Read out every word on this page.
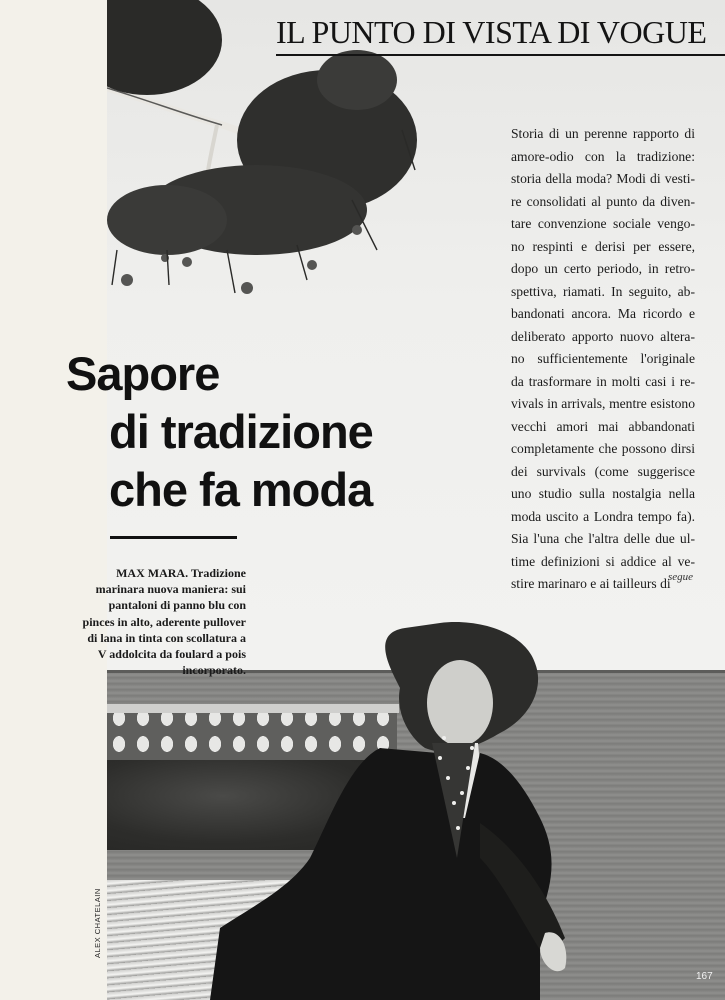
IL PUNTO DI VISTA DI VOGUE
Sapore
di tradizione
che fa moda
MAX MARA. Tradizione marinara nuova maniera: sui pantaloni di panno blu con pinces in alto, aderente pullover di lana in tinta con scollatura a V addolcita da foulard a pois incorporato.
Storia di un perenne rapporto di
amore-odio con la tradizione:
storia della moda? Modi di vesti-
re consolidati al punto da diven-
tare convenzione sociale vengo-
no respinti e derisi per essere,
dopo un certo periodo, in retro-
spettiva, riamati. In seguito, ab-
bandonati ancora. Ma ricordo e
deliberato apporto nuovo altera-
no sufficientemente l'originale
da trasformare in molti casi i re-
vivals in arrivals, mentre esistono
vecchi amori mai abbandonati
completamente che possono dirsi
dei survivals (come suggerisce
uno studio sulla nostalgia nella
moda uscito a Londra tempo fa).
Sia l'una che l'altra delle due ul-
time definizioni si addice al ve-
stire marinaro e ai tailleurs di
segue
ALEX CHATELAIN
167
